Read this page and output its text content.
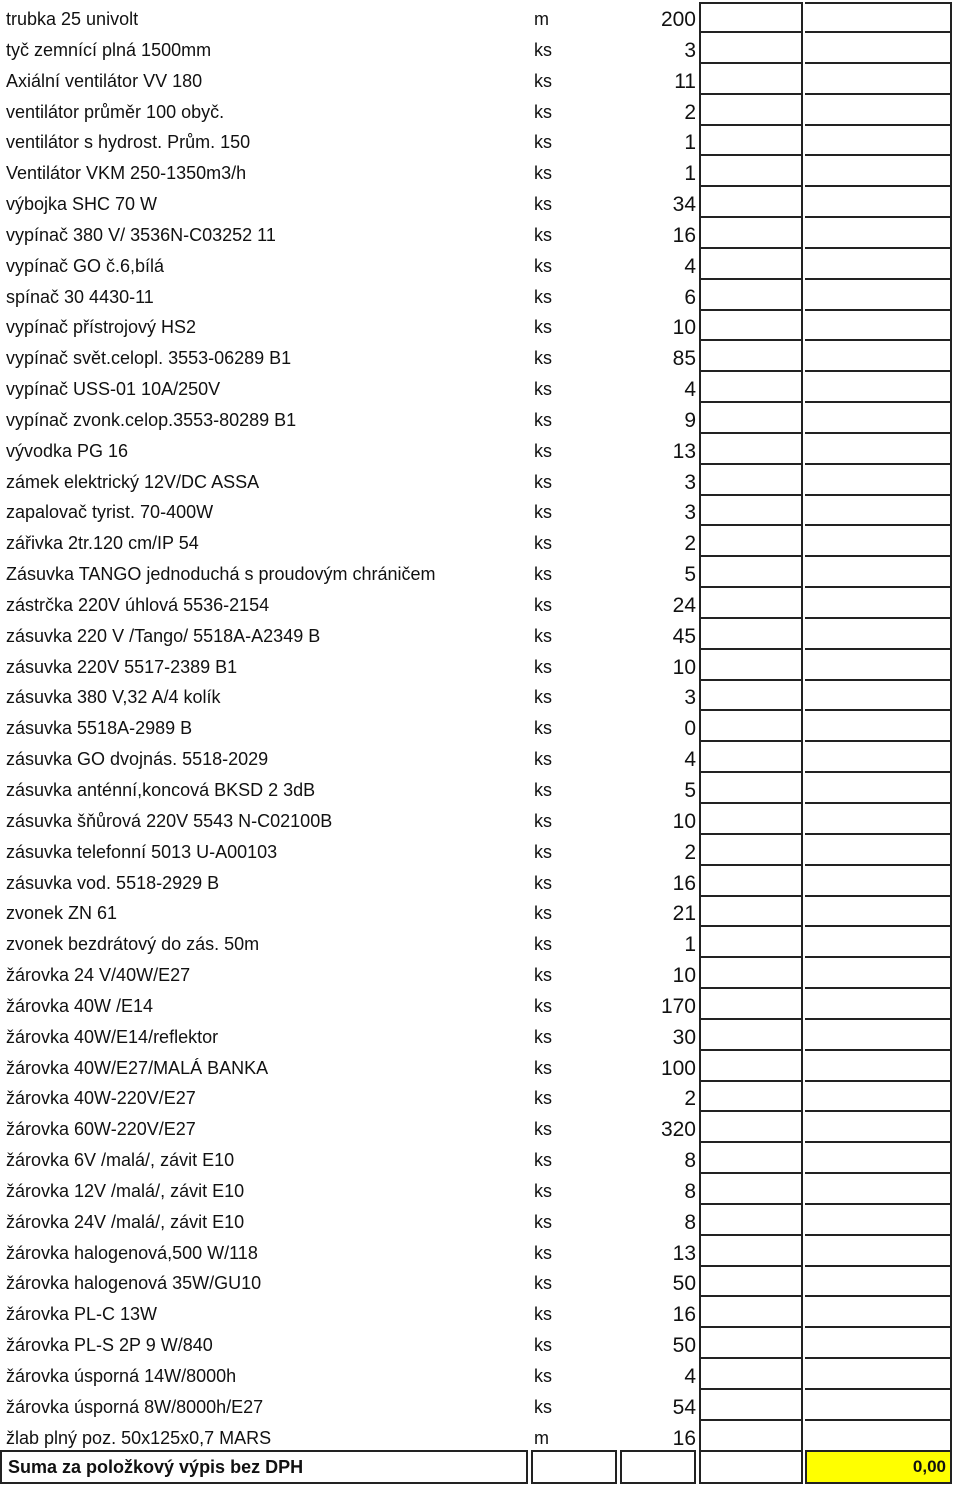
trubka 25 univolt	m	200
tyč zemnící plná 1500mm	ks	3
Axiální ventilátor VV 180	ks	11
ventilátor průměr 100 obyč.	ks	2
ventilátor s hydrost. Prům. 150	ks	1
Ventilátor VKM 250-1350m3/h	ks	1
výbojka SHC 70 W	ks	34
vypínač 380 V/ 3536N-C03252 11	ks	16
vypínač GO č.6,bílá	ks	4
spínač 30 4430-11	ks	6
vypínač přístrojový HS2	ks	10
vypínač svět.celopl. 3553-06289 B1	ks	85
vypínač USS-01 10A/250V	ks	4
vypínač zvonk.celop.3553-80289 B1	ks	9
vývodka PG 16	ks	13
zámek elektrický 12V/DC ASSA	ks	3
zapalovač tyrist. 70-400W	ks	3
zářivka 2tr.120 cm/IP 54	ks	2
Zásuvka TANGO jednoduchá s proudovým chráničem	ks	5
zástrčka 220V úhlová 5536-2154	ks	24
zásuvka 220 V /Tango/ 5518A-A2349 B	ks	45
zásuvka 220V 5517-2389 B1	ks	10
zásuvka 380 V,32 A/4 kolík	ks	3
zásuvka 5518A-2989 B	ks	0
zásuvka GO dvojnás. 5518-2029	ks	4
zásuvka anténní,koncová BKSD 2 3dB	ks	5
zásuvka šňůrová 220V 5543 N-C02100B	ks	10
zásuvka telefonní 5013 U-A00103	ks	2
zásuvka vod. 5518-2929 B	ks	16
zvonek ZN 61	ks	21
zvonek bezdrátový do zás. 50m	ks	1
žárovka 24 V/40W/E27	ks	10
žárovka 40W /E14	ks	170
žárovka 40W/E14/reflektor	ks	30
žárovka 40W/E27/MALÁ BANKA	ks	100
žárovka 40W-220V/E27	ks	2
žárovka 60W-220V/E27	ks	320
žárovka 6V /malá/, závit E10	ks	8
žárovka 12V /malá/, závit E10	ks	8
žárovka 24V /malá/, závit E10	ks	8
žárovka halogenová,500 W/118	ks	13
žárovka halogenová 35W/GU10	ks	50
žárovka PL-C 13W	ks	16
žárovka PL-S 2P 9 W/840	ks	50
žárovka úsporná 14W/8000h	ks	4
žárovka úsporná 8W/8000h/E27	ks	54
žlab plný poz. 50x125x0,7 MARS	m	16
Suma za položkový výpis bez DPH	0,00
